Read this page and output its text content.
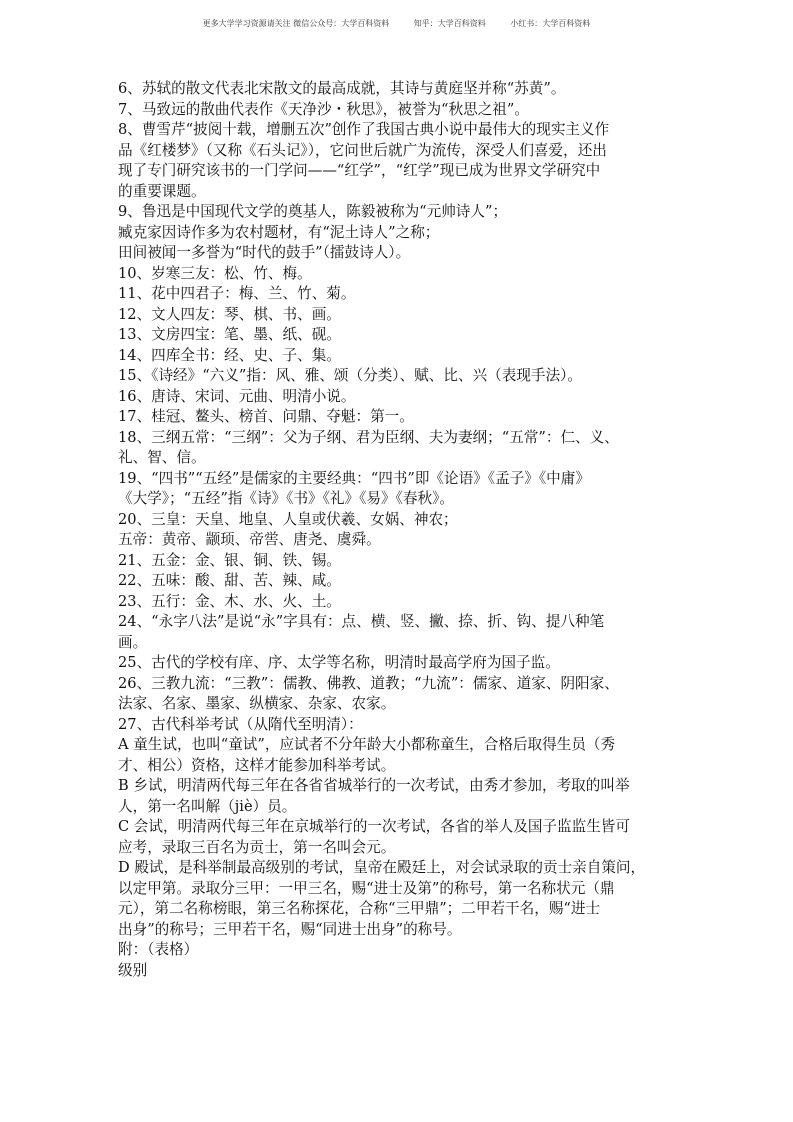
更多大学学习资源请关注 微信公众号：大学百科资料	知乎：大学百科资料	小红书：大学百科资料
6、苏轼的散文代表北宋散文的最高成就，其诗与黄庭坚并称“苏黄”。
7、马致远的散曲代表作《天净沙・秋思》，被誉为“秋思之祖”。
8、曹雪芹“披阅十载，增删五次”创作了我国古典小说中最伟大的现实主义作
品《红楼梦》（又称《石头记》），它问世后就广为流传，深受人们喜爱，还出
现了专门研究该书的一门学问——“红学”，“红学”现已成为世界文学研究中
的重要课题。
9、鲁迅是中国现代文学的奠基人，陈毅被称为“元帅诗人”；
臧克家因诗作多为农村题材，有“泥土诗人”之称；
田间被闻一多誉为“时代的鼓手”（擂鼓诗人）。
10、岁寒三友：松、竹、梅。
11、花中四君子：梅、兰、竹、菊。
12、文人四友：琴、棋、书、画。
13、文房四宝：笔、墨、纸、砚。
14、四库全书：经、史、子、集。
15、《诗经》“六义”指：风、雅、颂（分类）、赋、比、兴（表现手法）。
16、唐诗、宋词、元曲、明清小说。
17、桂冠、鳌头、榜首、问鼎、夺魁：第一。
18、三纲五常：“三纲”：父为子纲、君为臣纲、夫为妻纲；“五常”：仁、义、
礼、智、信。
19、“四书”“五经”是儒家的主要经典：“四书”即《论语》《孟子》《中庸》
《大学》；“五经”指《诗》《书》《礼》《易》《春秋》。
20、三皇：天皇、地皇、人皇或伏羲、女娲、神农；
五帝：黄帝、颛顼、帝喾、唐尧、虞舜。
21、五金：金、银、铜、铁、锡。
22、五味：酸、甜、苦、辣、咸。
23、五行：金、木、水、火、土。
24、“永字八法”是说“永”字具有：点、横、竖、撇、捺、折、钩、提八种笔
画。
25、古代的学校有庠、序、太学等名称，明清时最高学府为国子监。
26、三教九流：“三教”：儒教、佛教、道教；“九流”：儒家、道家、阴阳家、
法家、名家、墨家、纵横家、杂家、农家。
27、古代科举考试（从隋代至明清）：
A 童生试，也叫“童试”，应试者不分年龄大小都称童生，合格后取得生员（秀
才、相公）资格，这样才能参加科举考试。
B 乡试，明清两代每三年在各省省城举行的一次考试，由秀才参加，考取的叫举
人，第一名叫解（jiè）员。
C 会试，明清两代每三年在京城举行的一次考试，各省的举人及国子监监生皆可
应考，录取三百名为贡士，第一名叫会元。
D 殿试，是科举制最高级别的考试，皇帝在殿廷上，对会试录取的贡士亲自策问，
以定甲第。录取分三甲：一甲三名，赐“进士及第”的称号，第一名称状元（鼎
元），第二名称榜眼，第三名称探花，合称“三甲鼎”；二甲若干名，赐“进士
出身”的称号；三甲若干名，赐“同进士出身”的称号。
附：（表格）
级别
